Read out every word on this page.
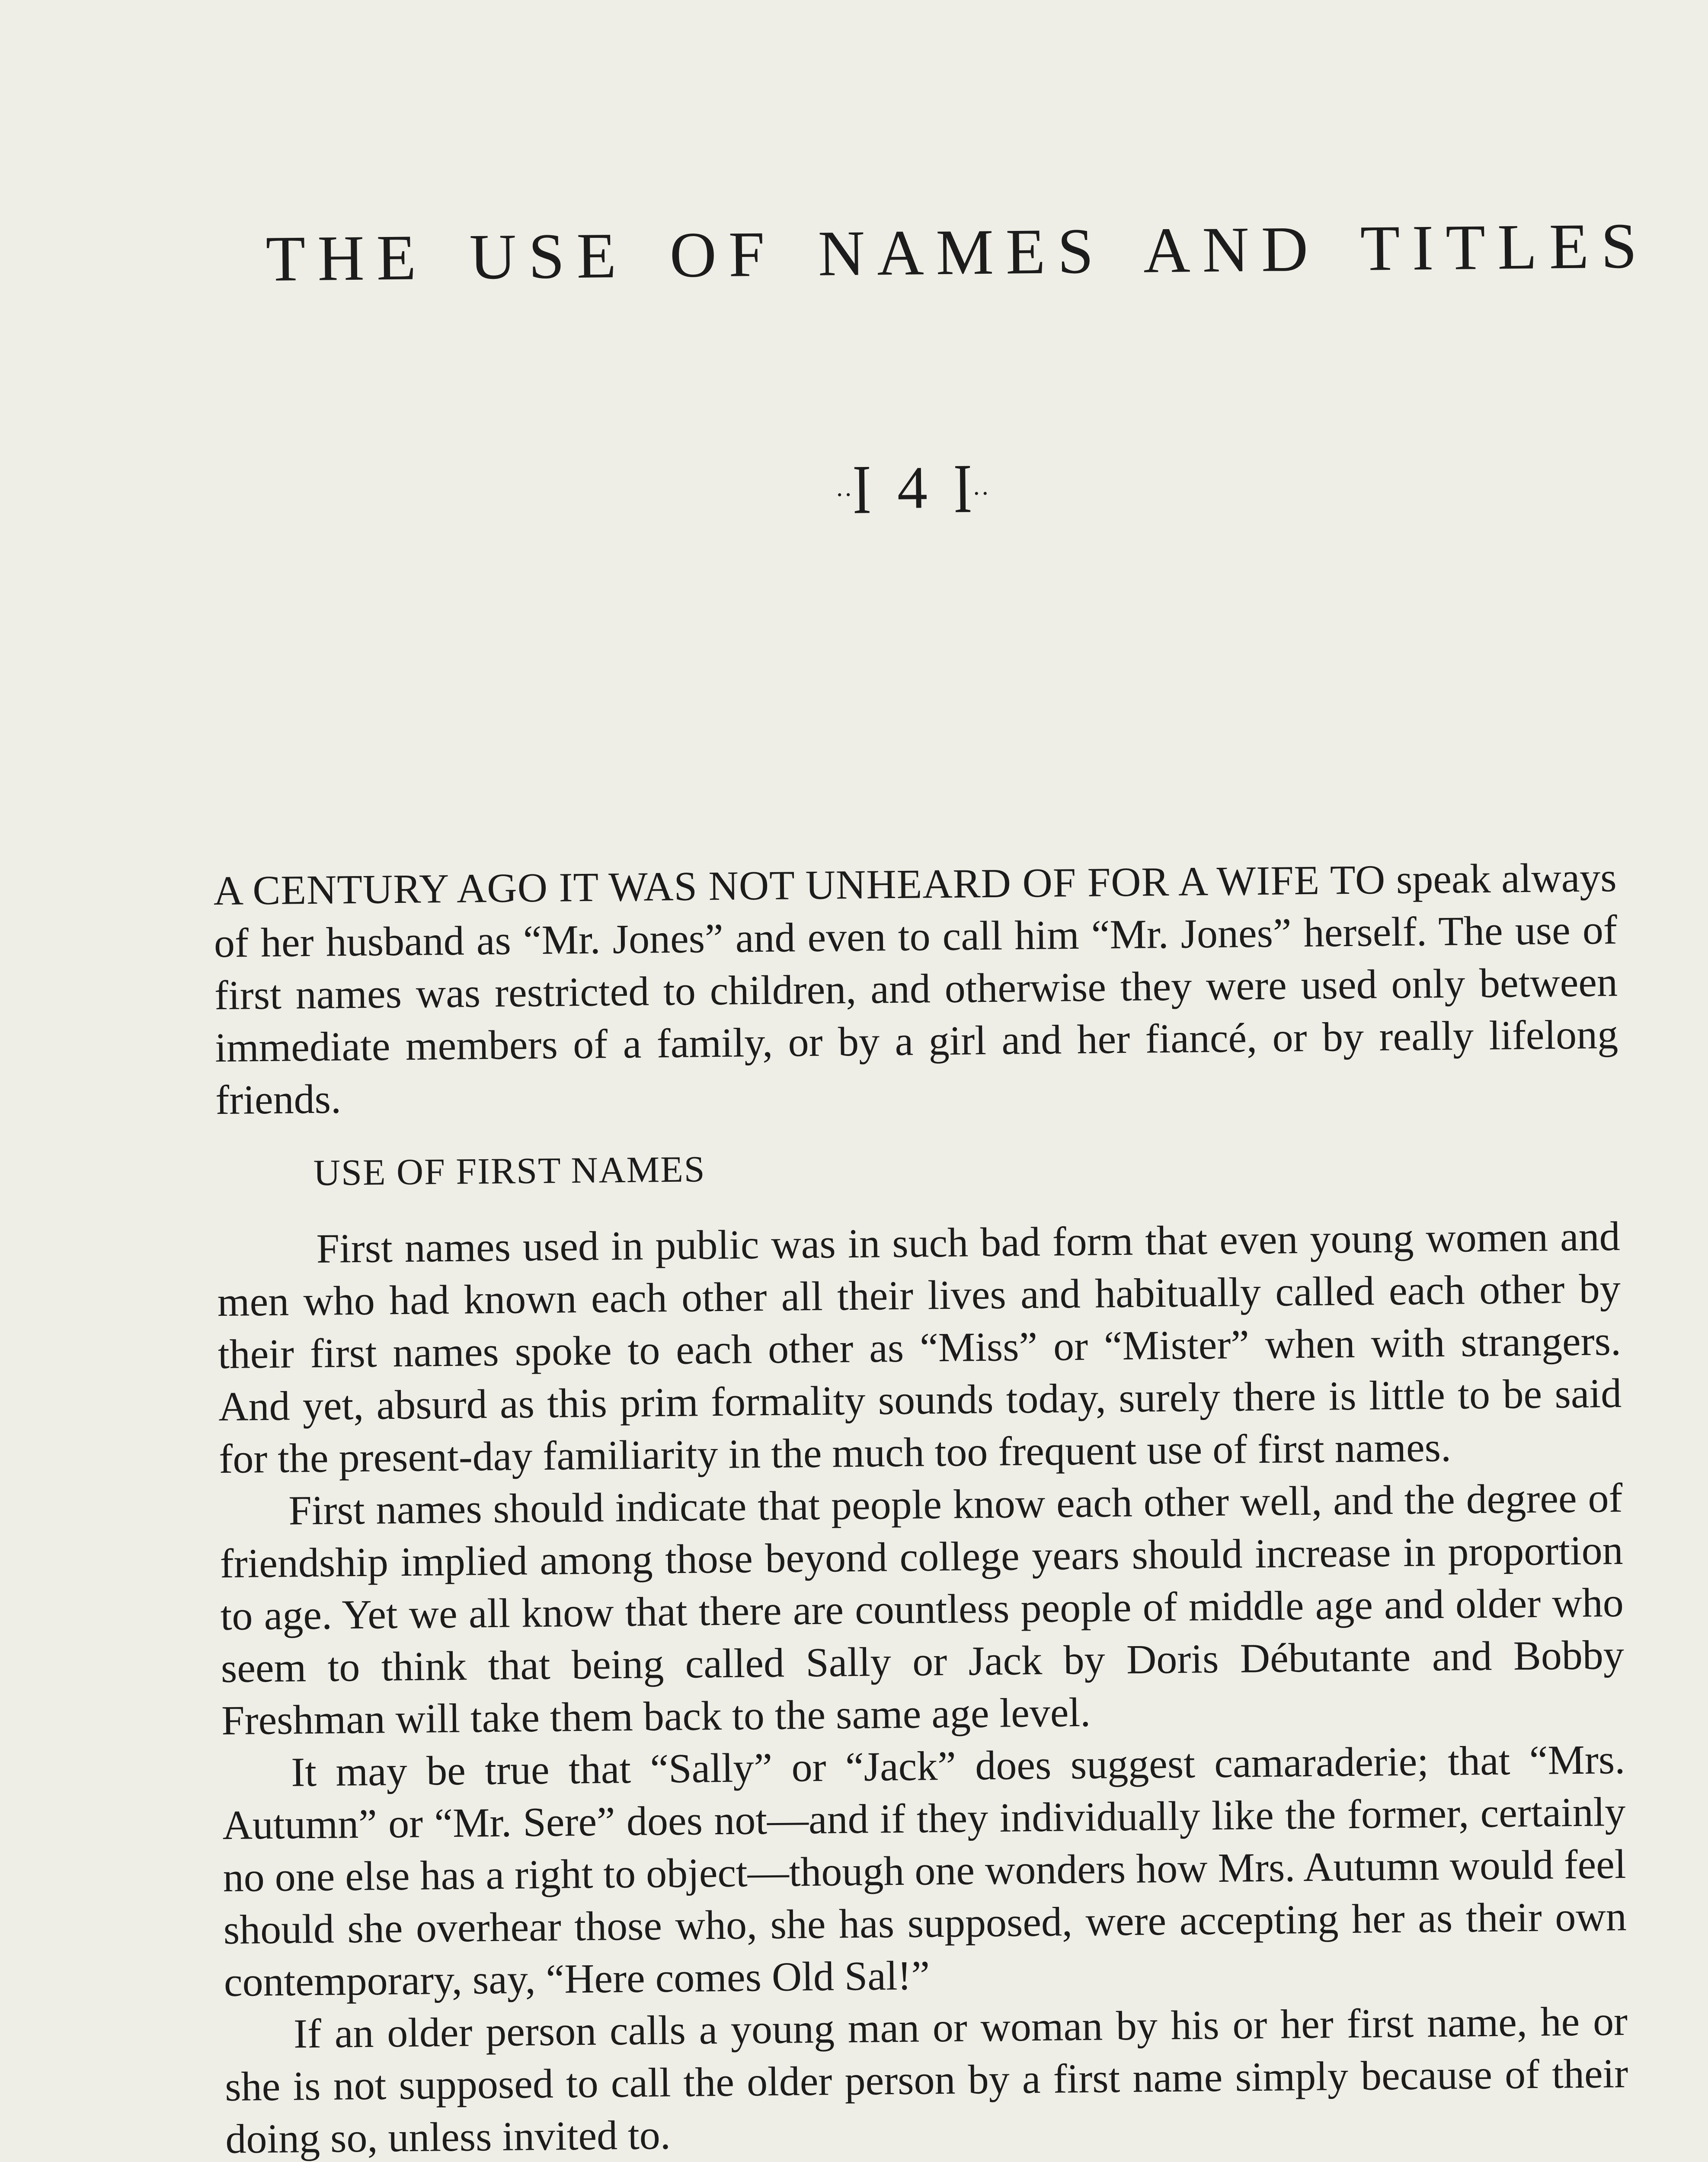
THE USE OF NAMES AND TITLES
··I 4 I··

A CENTURY AGO IT WAS NOT UNHEARD OF FOR A WIFE TO speak always of her husband as “Mr. Jones” and even to call him “Mr. Jones” herself. The use of first names was restricted to children, and otherwise they were used only between immediate members of a family, or by a girl and her fiancé, or by really lifelong friends.

USE OF FIRST NAMES

First names used in public was in such bad form that even young women and men who had known each other all their lives and habitually called each other by their first names spoke to each other as “Miss” or “Mister” when with strangers. And yet, absurd as this prim formality sounds today, surely there is little to be said for the present-day familiarity in the much too frequent use of first names.

First names should indicate that people know each other well, and the degree of friendship implied among those beyond college years should increase in proportion to age. Yet we all know that there are countless people of middle age and older who seem to think that being called Sally or Jack by Doris Débutante and Bobby Freshman will take them back to the same age level.

It may be true that “Sally” or “Jack” does suggest camaraderie; that “Mrs. Autumn” or “Mr. Sere” does not—and if they individually like the former, certainly no one else has a right to object—though one wonders how Mrs. Autumn would feel should she overhear those who, she has supposed, were accepting her as their own contemporary, say, “Here comes Old Sal!”

If an older person calls a young man or woman by his or her first name, he or she is not supposed to call the older person by a first name simply because of their doing so, unless invited to.
